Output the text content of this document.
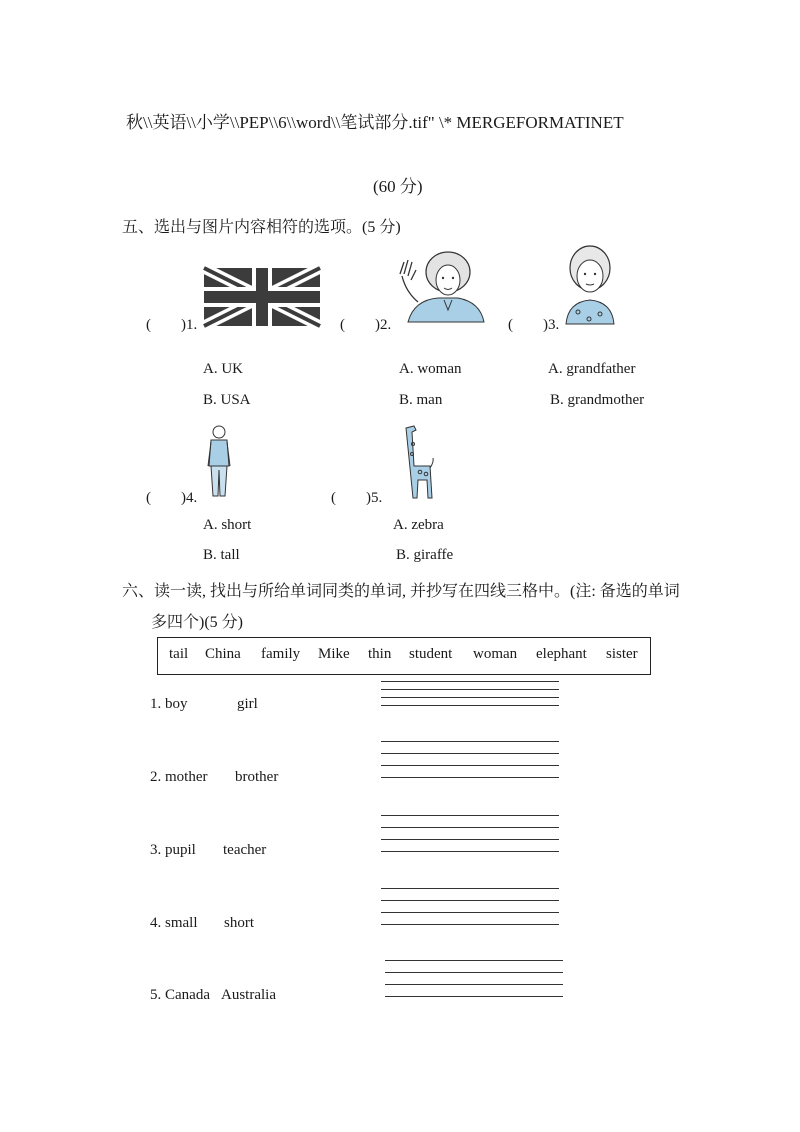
秋\\英语\\小学\\PEP\\6\\word\\笔试部分.tif" \* MERGEFORMATINET
(60 分)
五、选出与图片内容相符的选项。(5 分)
(　　)1.
A. UK
B. USA
(　　)2.
A. woman
B. man
(　　)3.
A. grandfather
B. grandmother
(　　)4.
A. short
B. tall
(　　)5.
A. zebra
B. giraffe
六、读一读, 找出与所给单词同类的单词, 并抄写在四线三格中。(注: 备选的单词
多四个)(5 分)
tail China family Mike thin student woman elephant sister
1. boy	girl
2. mother brother
3. pupil teacher
4. small short
5. Canada Australia
